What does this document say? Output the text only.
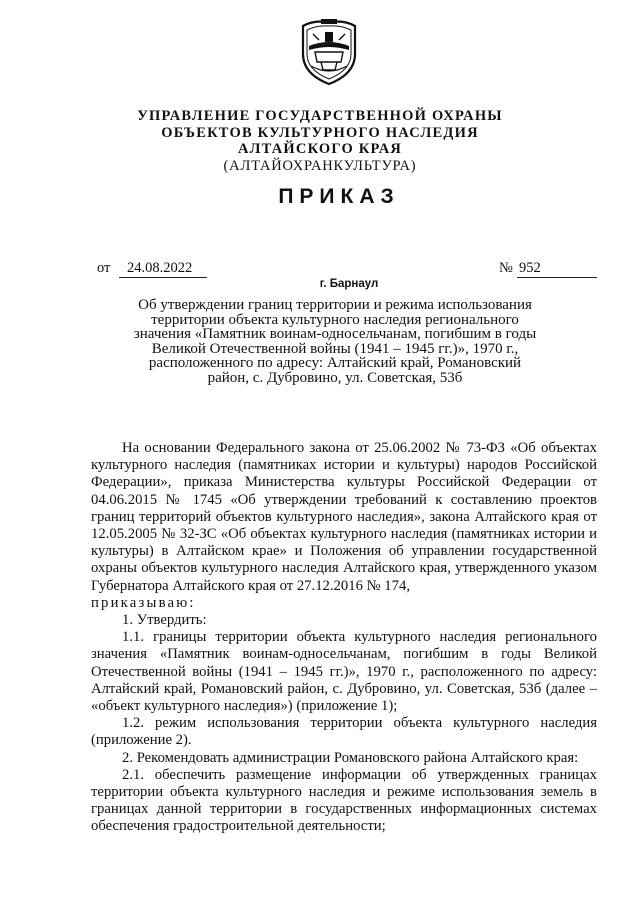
УПРАВЛЕНИЕ ГОСУДАРСТВЕННОЙ ОХРАНЫ
ОБЪЕКТОВ КУЛЬТУРНОГО НАСЛЕДИЯ
АЛТАЙСКОГО КРАЯ
(АЛТАЙОХРАНКУЛЬТУРА)
ПРИКАЗ
от	24.08.2022	№ 952
г. Барнаул
Об утверждении границ территории и режима использования
территории объекта культурного наследия регионального
значения «Памятник воинам-односельчанам, погибшим в годы
Великой Отечественной войны (1941 – 1945 гг.)», 1970 г.,
расположенного по адресу: Алтайский край, Романовский
район, с. Дубровино, ул. Советская, 53б

На основании Федерального закона от 25.06.2002 № 73-ФЗ «Об объектах культурного наследия (памятниках истории и культуры) народов Российской Федерации», приказа Министерства культуры Российской Федерации от 04.06.2015 № 1745 «Об утверждении требований к составлению проектов границ территорий объектов культурного наследия», закона Алтайского края от 12.05.2005 № 32-ЗС «Об объектах культурного наследия (памятниках истории и культуры) в Алтайском крае» и Положения об управлении государственной охраны объектов культурного наследия Алтайского края, утвержденного указом Губернатора Алтайского края от 27.12.2016 № 174,

приказываю:

1. Утвердить:

1.1. границы территории объекта культурного наследия регионального значения «Памятник воинам-односельчанам, погибшим в годы Великой Отечественной войны (1941 – 1945 гг.)», 1970 г., расположенного по адресу: Алтайский край, Романовский район, с. Дубровино, ул. Советская, 53б (далее – «объект культурного наследия») (приложение 1);

1.2. режим использования территории объекта культурного наследия (приложение 2).

2. Рекомендовать администрации Романовского района Алтайского края:

2.1. обеспечить размещение информации об утвержденных границах территории объекта культурного наследия и режиме использования земель в границах данной территории в государственных информационных системах обеспечения градостроительной деятельности;
